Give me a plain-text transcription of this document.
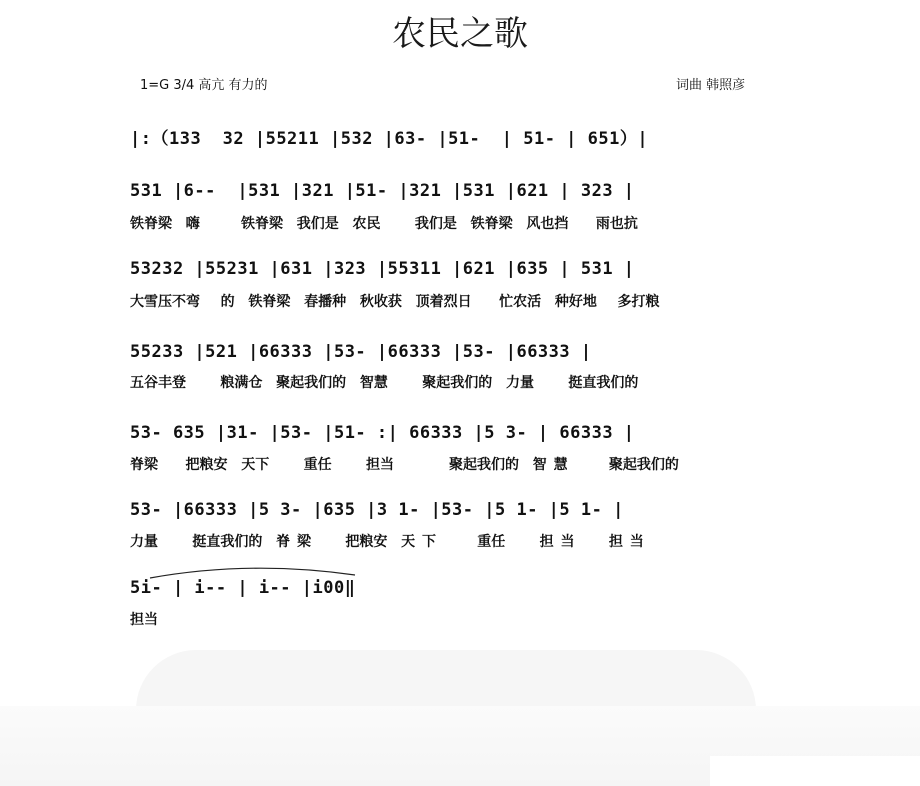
农民之歌
1=G 3/4 高亢 有力的	词曲 韩照彦
|:（133  32 |55211 |532 |63- |51-  | 51- | 651）|
531 |6--  |531 |321 |51- |321 |531 |621 | 323 |
铁脊梁  嗨      铁脊梁  我们是  农民     我们是  铁脊梁  风也挡    雨也抗
53232 |55231 |631 |323 |55311 |621 |635 | 531 |
大雪压不弯   的  铁脊梁  春播种  秋收获  顶着烈日    忙农活  种好地   多打粮
55233 |521 |66333 |53- |66333 |53- |66333 |
五谷丰登     粮满仓  聚起我们的  智慧     聚起我们的  力量     挺直我们的
53- 635 |31- |53- |51- :| 66333 |5 3- | 66333 |
脊梁    把粮安  天下     重任     担当        聚起我们的  智 慧      聚起我们的
53- |66333 |5 3- |635 |3 1- |53- |5 1- |5 1- |
力量     挺直我们的  脊 梁     把粮安  天 下      重任     担 当     担 当
5i- | i-- | i-- |i00‖
担当
